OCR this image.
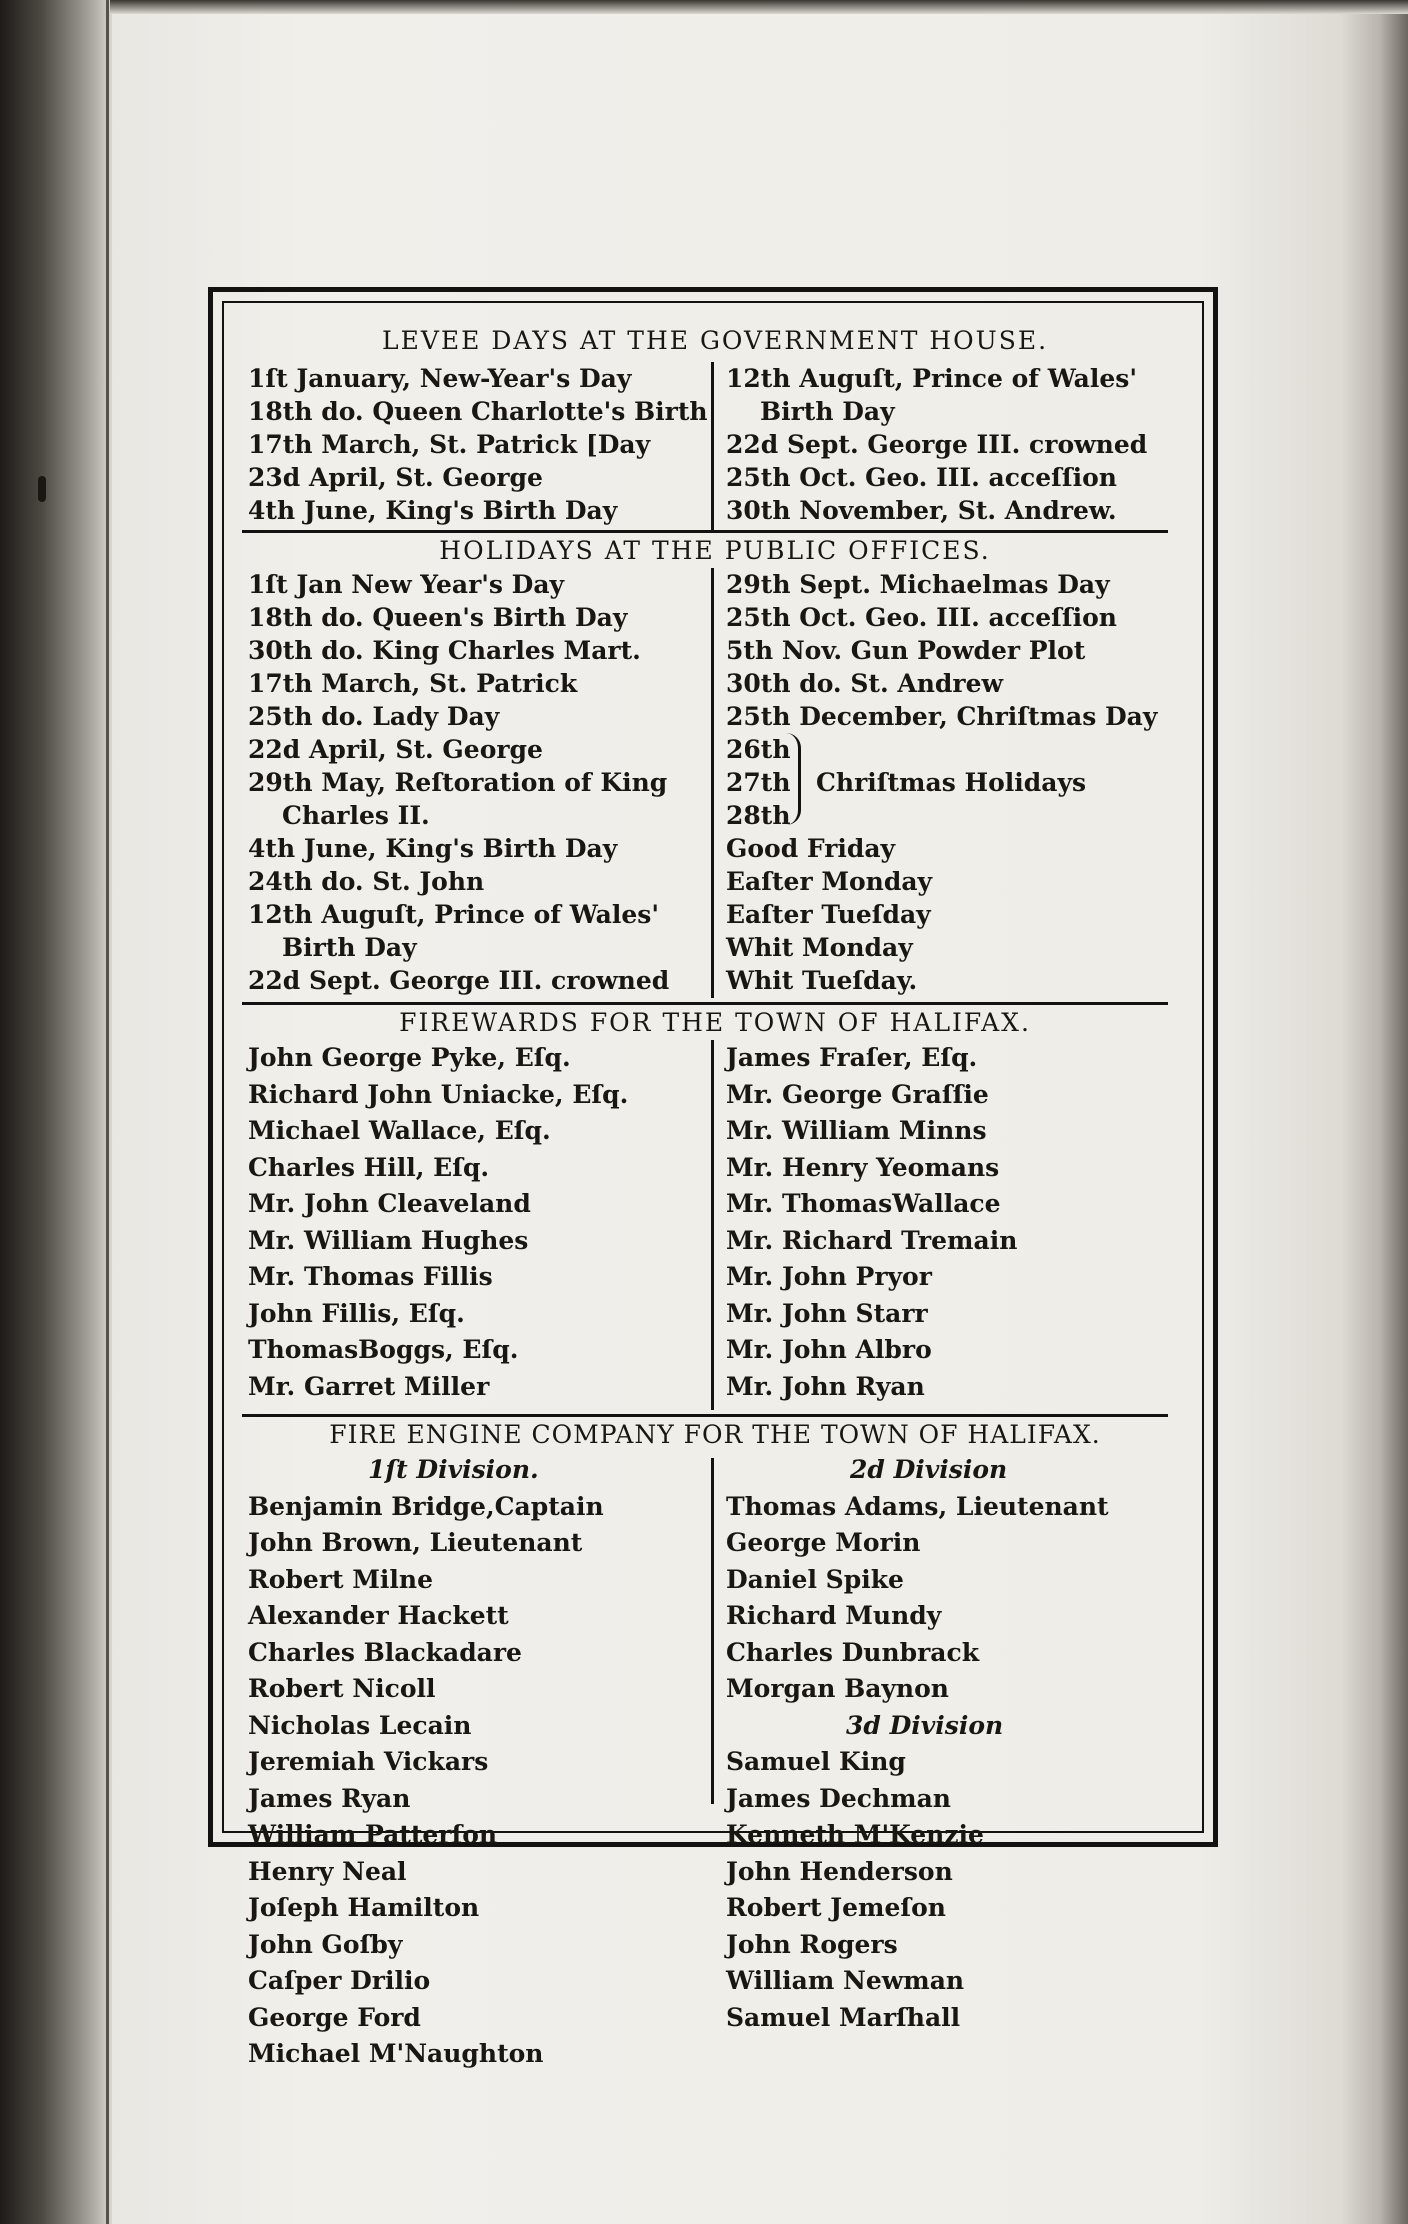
LEVEE DAYS AT THE GOVERNMENT HOUSE.
1ſt January, New-Year's Day
18th do. Queen Charlotte's Birth
17th March, St. Patrick [Day
23d April, St. George
4th June, King's Birth Day
12th Auguſt, Prince of Wales'
Birth Day
22d Sept. George III. crowned
25th Oct. Geo. III. acceſſion
30th November, St. Andrew.
HOLIDAYS AT THE PUBLIC OFFICES.
1ſt Jan New Year's Day
18th do. Queen's Birth Day
30th do. King Charles Mart.
17th March, St. Patrick
25th do. Lady Day
22d April, St. George
29th May, Reſtoration of King
Charles II.
4th June, King's Birth Day
24th do. St. John
12th Auguſt, Prince of Wales'
Birth Day
22d Sept. George III. crowned
29th Sept. Michaelmas Day
25th Oct. Geo. III. acceſſion
5th Nov. Gun Powder Plot
30th do. St. Andrew
25th December, Chriſtmas Day
26th
27th
28th
Chriſtmas Holidays
Good Friday
Eaſter Monday
Eaſter Tueſday
Whit Monday
Whit Tueſday.
FIREWARDS FOR THE TOWN OF HALIFAX.
John George Pyke, Eſq.
Richard John Uniacke, Eſq.
Michael Wallace, Eſq.
Charles Hill, Eſq.
Mr. John Cleaveland
Mr. William Hughes
Mr. Thomas Fillis
John Fillis, Eſq.
ThomasBoggs, Eſq.
Mr. Garret Miller
James Fraſer, Eſq.
Mr. George Graſſie
Mr. William Minns
Mr. Henry Yeomans
Mr. ThomasWallace
Mr. Richard Tremain
Mr. John Pryor
Mr. John Starr
Mr. John Albro
Mr. John Ryan
FIRE ENGINE COMPANY FOR THE TOWN OF HALIFAX.
1ſt Division.
Benjamin Bridge,Captain
John Brown, Lieutenant
Robert Milne
Alexander Hackett
Charles Blackadare
Robert Nicoll
Nicholas Lecain
Jeremiah Vickars
James Ryan
William Patterſon
Henry Neal
Joſeph Hamilton
John Goſby
Caſper Drilio
George Ford
Michael M'Naughton
2d Division
Thomas Adams, Lieutenant
George Morin
Daniel Spike
Richard Mundy
Charles Dunbrack
Morgan Baynon
3d Division
Samuel King
James Dechman
Kenneth M'Kenzie
John Henderson
Robert Jemeſon
John Rogers
William Newman
Samuel Marſhall
